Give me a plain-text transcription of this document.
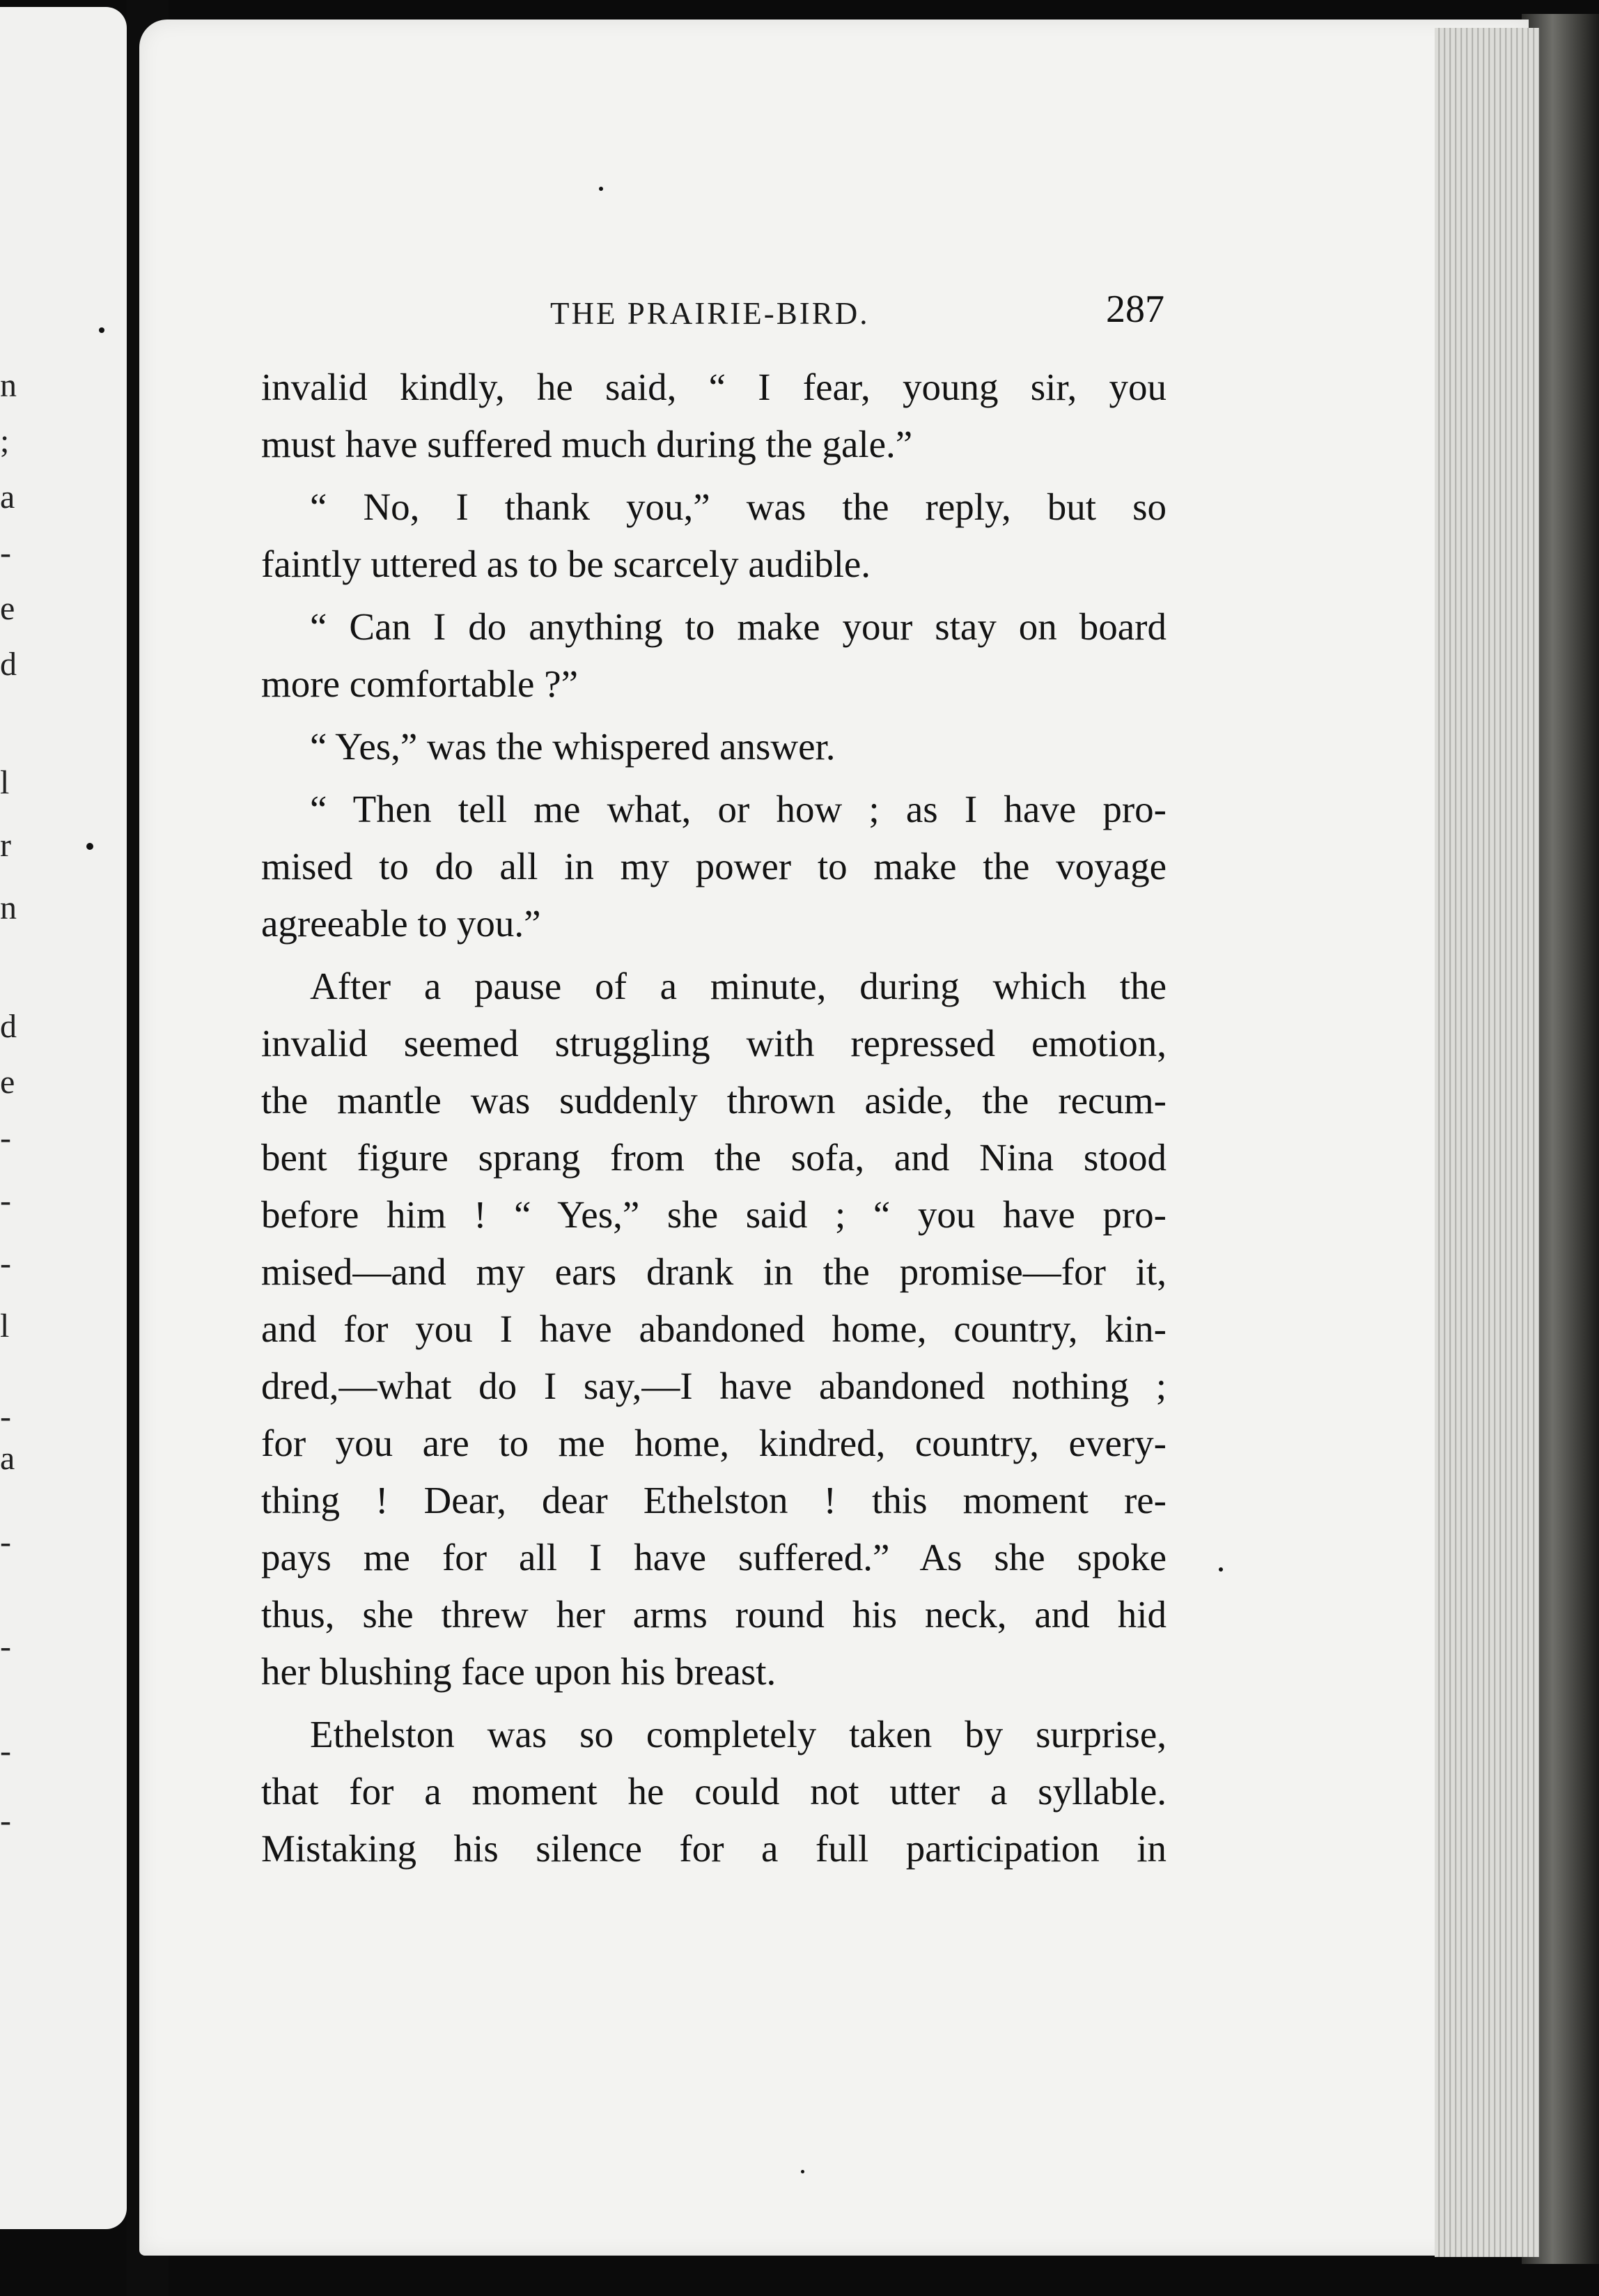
n
;
a
-
e
d
l
r
n
d
e
-
-
-
l
-
a
-
-
-
-
THE PRAIRIE-BIRD.	287
invalid kindly, he said, “ I fear, young sir, you
must have suffered much during the gale.”
“ No, I thank you,” was the reply, but so
faintly uttered as to be scarcely audible.
“ Can I do anything to make your stay on board
more comfortable ?”
“ Yes,” was the whispered answer.
“ Then tell me what, or how ; as I have pro-
mised to do all in my power to make the voyage
agreeable to you.”
After a pause of a minute, during which the
invalid seemed struggling with repressed emotion,
the mantle was suddenly thrown aside, the recum-
bent figure sprang from the sofa, and Nina stood
before him ! “ Yes,” she said ; “ you have pro-
mised—and my ears drank in the promise—for it,
and for you I have abandoned home, country, kin-
dred,—what do I say,—I have abandoned nothing ;
for you are to me home, kindred, country, every-
thing ! Dear, dear Ethelston ! this moment re-
pays me for all I have suffered.” As she spoke
thus, she threw her arms round his neck, and hid
her blushing face upon his breast.
Ethelston was so completely taken by surprise,
that for a moment he could not utter a syllable.
Mistaking his silence for a full participation in
